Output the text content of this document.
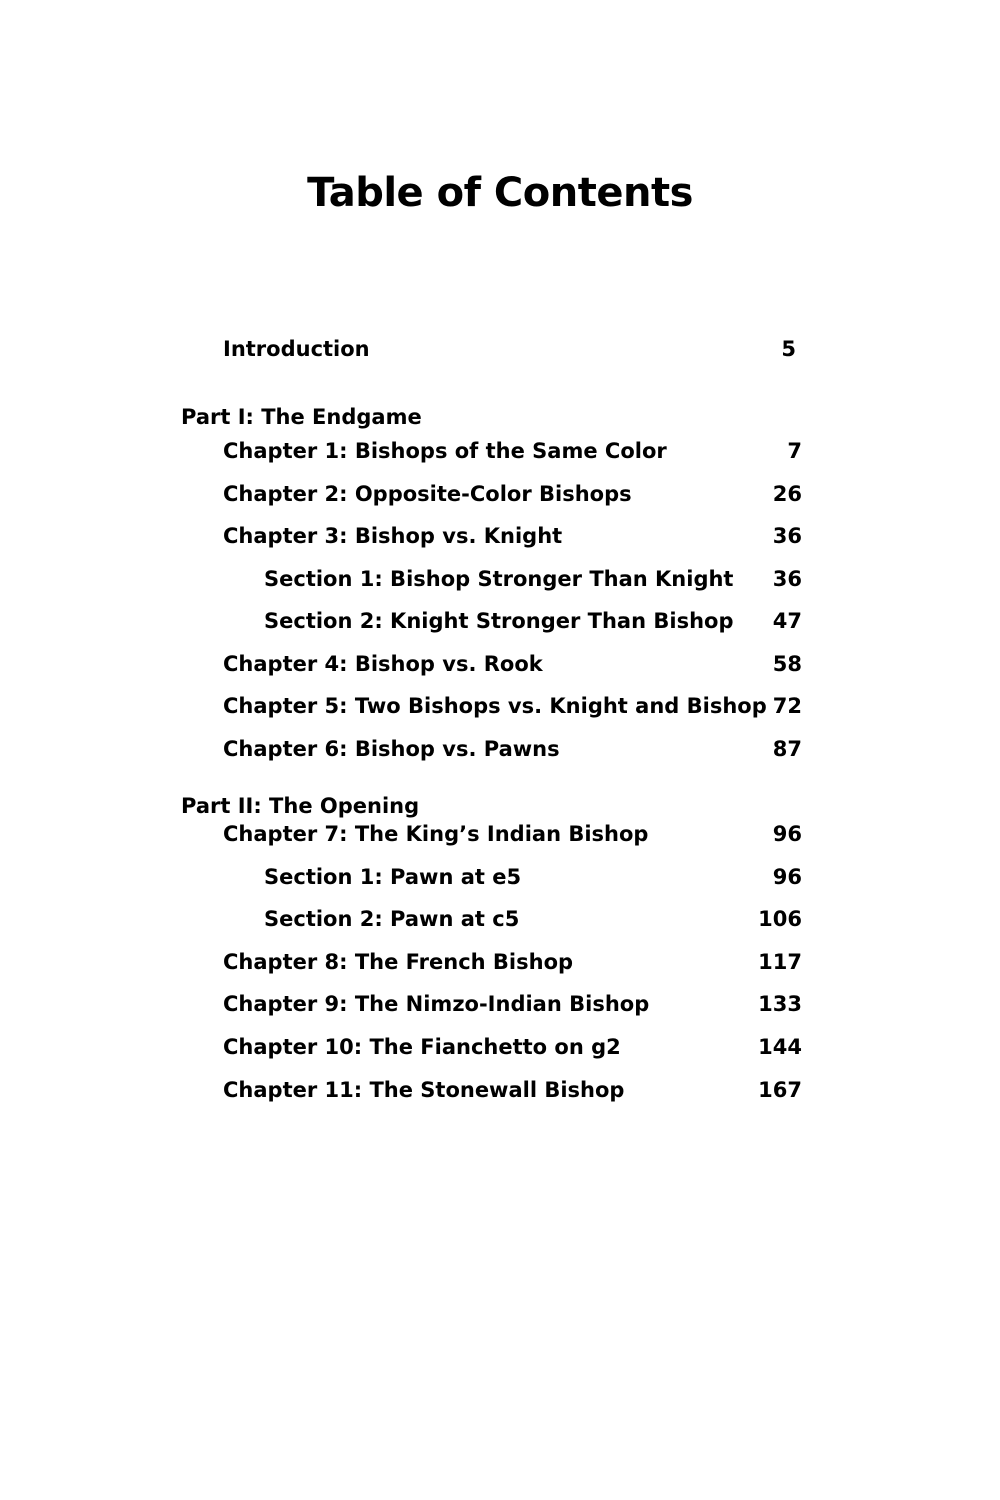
Table of Contents
Introduction	5
Part I: The Endgame
Chapter 1: Bishops of the Same Color	7
Chapter 2: Opposite-Color Bishops	26
Chapter 3: Bishop vs. Knight	36
Section 1: Bishop Stronger Than Knight 36
Section 2: Knight Stronger Than Bishop 47
Chapter 4: Bishop vs. Rook	58
Chapter 5: Two Bishops vs. Knight and Bishop 72
Chapter 6: Bishop vs. Pawns	87
Part II: The Opening
Chapter 7: The King’s Indian Bishop	96
Section 1: Pawn at e5	96
Section 2: Pawn at c5	106
Chapter 8: The French Bishop	117
Chapter 9: The Nimzo-Indian Bishop	133
Chapter 10: The Fianchetto on g2	144
Chapter 11: The Stonewall Bishop	167
